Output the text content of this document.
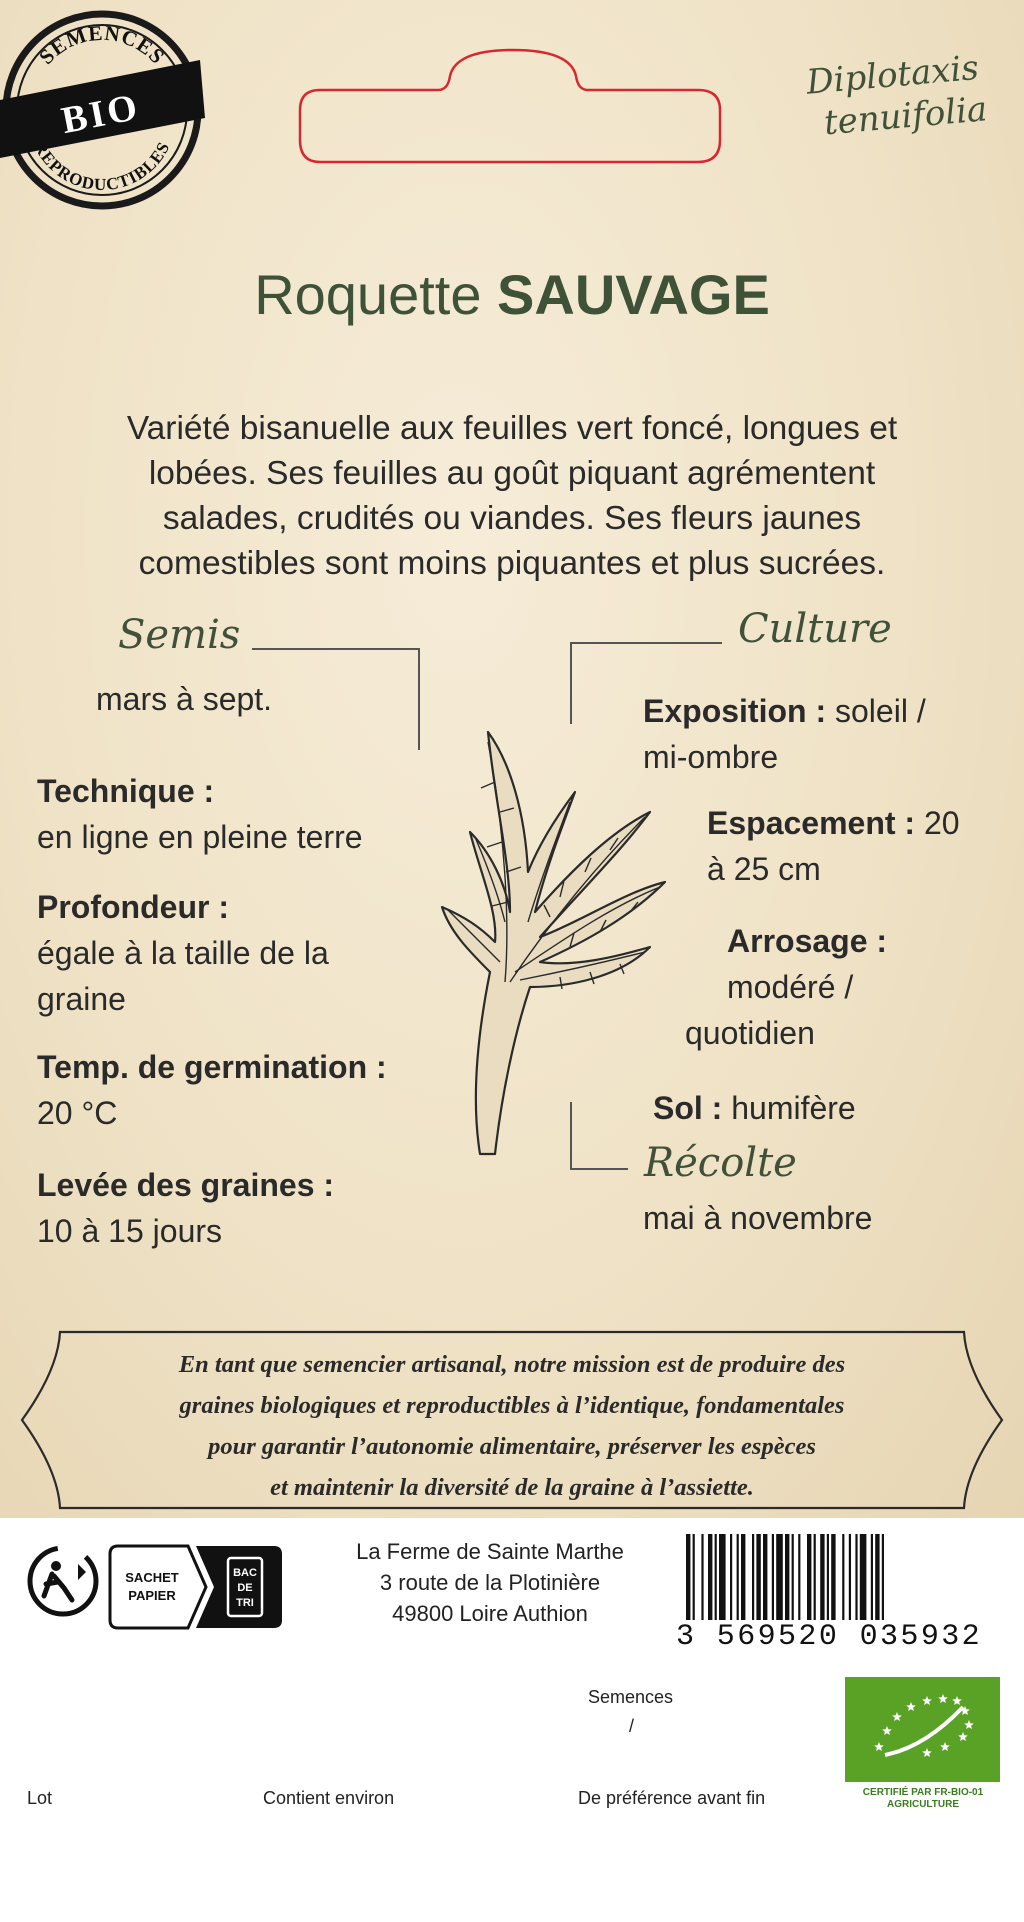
SEMENCES
REPRODUCTIBLES
BIO
Diplotaxis
tenuifolia
Roquette SAUVAGE
Variété bisanuelle aux feuilles vert foncé, longues et
lobées. Ses feuilles au goût piquant agrémentent
salades, crudités ou viandes. Ses fleurs jaunes
comestibles sont moins piquantes et plus sucrées.
Semis
mars à sept.
Technique :
en ligne en pleine terre
Profondeur :
égale à la taille de la
graine
Temp. de germination :
20 °C
Levée des graines :
10 à 15 jours
Culture
Exposition : soleil /
mi-ombre
Espacement : 20
à 25 cm
Arrosage :
modéré /
quotidien
Sol : humifère
Récolte
mai à novembre
En tant que semencier artisanal, notre mission est de produire des
graines biologiques et reproductibles à l’identique, fondamentales
pour garantir l’autonomie alimentaire, préserver les espèces
et maintenir la diversité de la graine à l’assiette.
SACHET
PAPIER
BAC
DE
TRI
La Ferme de Sainte Marthe
3 route de la Plotinière
49800 Loire Authion
3 569520 035932
Semences
/
Lot	Contient environ	De préférence avant fin	CERTIFIÉ PAR FR-BIO-01
AGRICULTURE
